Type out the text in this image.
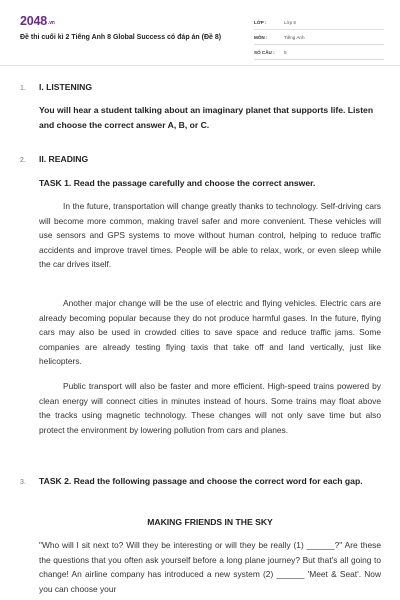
$2048^{.vn}$
Đề thi cuối kì 2 Tiếng Anh 8 Global Success có đáp án (Đề 8)
LỚP :	Lớp 8
MÔN :	Tiếng Anh
SỐ CÂU :	5
1. I. LISTENING
You will hear a student talking about an imaginary planet that supports life. Listen and choose the correct answer A, B, or C.
2. II. READING
TASK 1. Read the passage carefully and choose the correct answer.
In the future, transportation will change greatly thanks to technology. Self-driving cars will become more common, making travel safer and more convenient. These vehicles will use sensors and GPS systems to move without human control, helping to reduce traffic accidents and improve travel times. People will be able to relax, work, or even sleep while the car drives itself.
Another major change will be the use of electric and flying vehicles. Electric cars are already becoming popular because they do not produce harmful gases. In the future, flying cars may also be used in crowded cities to save space and reduce traffic jams. Some companies are already testing flying taxis that take off and land vertically, just like helicopters.
Public transport will also be faster and more efficient. High-speed trains powered by clean energy will connect cities in minutes instead of hours. Some trains may float above the tracks using magnetic technology. These changes will not only save time but also protect the environment by lowering pollution from cars and planes.
3.	TASK 2. Read the following passage and choose the correct word for each gap.
MAKING FRIENDS IN THE SKY
"Who will I sit next to? Will they be interesting or will they be really (1) ______?" Are these the questions that you often ask yourself before a long plane journey? But that's all going to change! An airline company has introduced a new system (2) ______ 'Meet & Seat'. Now you can choose your
